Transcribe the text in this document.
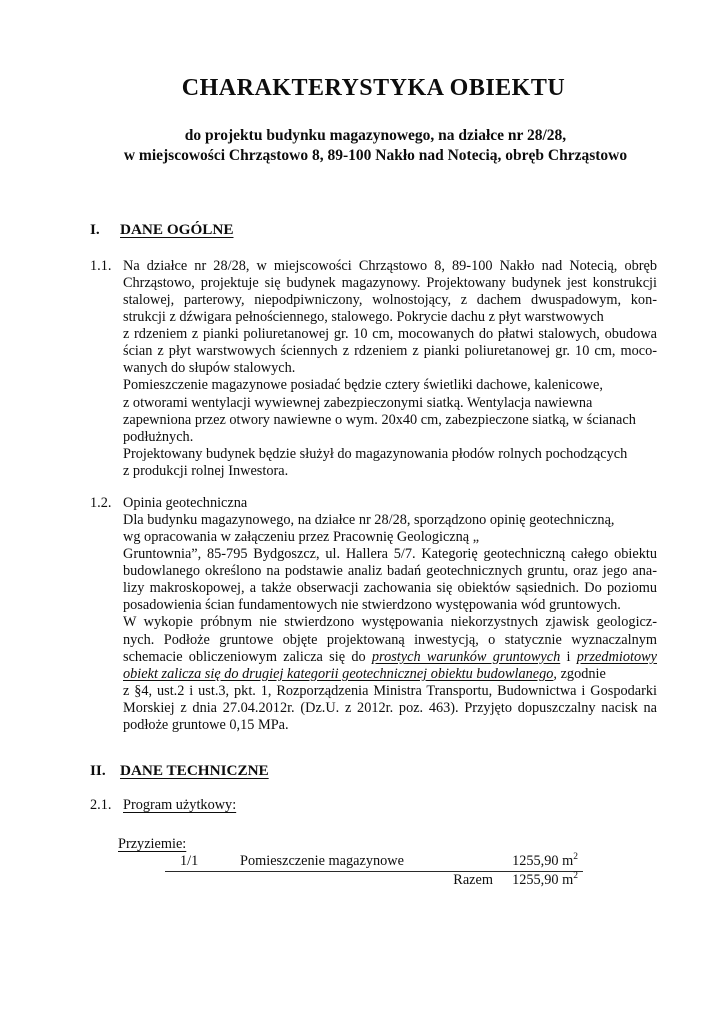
CHARAKTERYSTYKA OBIEKTU
do projektu budynku magazynowego, na działce nr 28/28,
w miejscowości Chrząstowo 8, 89-100 Nakło nad Notecią, obręb Chrząstowo
I. DANE OGÓLNE
1.1. Na działce nr 28/28, w miejscowości Chrząstowo 8, 89-100 Nakło nad Notecią, obręb
Chrząstowo, projektuje się budynek magazynowy. Projektowany budynek jest konstrukcji
stalowej, parterowy, niepodpiwniczony, wolnostojący, z dachem dwuspadowym, kon-
strukcji z dźwigara pełnościennego, stalowego. Pokrycie dachu z płyt warstwowych
z rdzeniem z pianki poliuretanowej gr. 10 cm, mocowanych do płatwi stalowych, obudowa
ścian z płyt warstwowych ściennych z rdzeniem z pianki poliuretanowej gr. 10 cm, moco-
wanych do słupów stalowych.
Pomieszczenie magazynowe posiadać będzie cztery świetliki dachowe, kalenicowe,
z otworami wentylacji wywiewnej zabezpieczonymi siatką. Wentylacja nawiewna
zapewniona przez otwory nawiewne o wym. 20x40 cm, zabezpieczone siatką, w ścianach
podłużnych.
Projektowany budynek będzie służył do magazynowania płodów rolnych pochodzących
z produkcji rolnej Inwestora.
1.2. Opinia geotechniczna
Dla budynku magazynowego, na działce nr 28/28, sporządzono opinię geotechniczną,
wg opracowania w załączeniu przez Pracownię Geologiczną „
Gruntownia”, 85-795 Bydgoszcz, ul. Hallera 5/7. Kategorię geotechniczną całego obiektu
budowlanego określono na podstawie analiz badań geotechnicznych gruntu, oraz jego ana-
lizy makroskopowej, a także obserwacji zachowania się obiektów sąsiednich. Do poziomu
posadowienia ścian fundamentowych nie stwierdzono występowania wód gruntowych.
W wykopie próbnym nie stwierdzono występowania niekorzystnych zjawisk geologicz-
nych. Podłoże gruntowe objęte projektowaną inwestycją, o statycznie wyznaczalnym
schemacie obliczeniowym zalicza się do prostych warunków gruntowych i przedmiotowy
obiekt zalicza się do drugiej kategorii geotechnicznej obiektu budowlanego, zgodnie
z §4, ust.2 i ust.3, pkt. 1, Rozporządzenia Ministra Transportu, Budownictwa i Gospodarki
Morskiej z dnia 27.04.2012r. (Dz.U. z 2012r. poz. 463). Przyjęto dopuszczalny nacisk na
podłoże gruntowe 0,15 MPa.
II. DANE TECHNICZNE
2.1. Program użytkowy:
Przyziemie:
1/1	Pomieszczenie magazynowe	1255,90 $m^2$
Razem	1255,90 $m^2$
